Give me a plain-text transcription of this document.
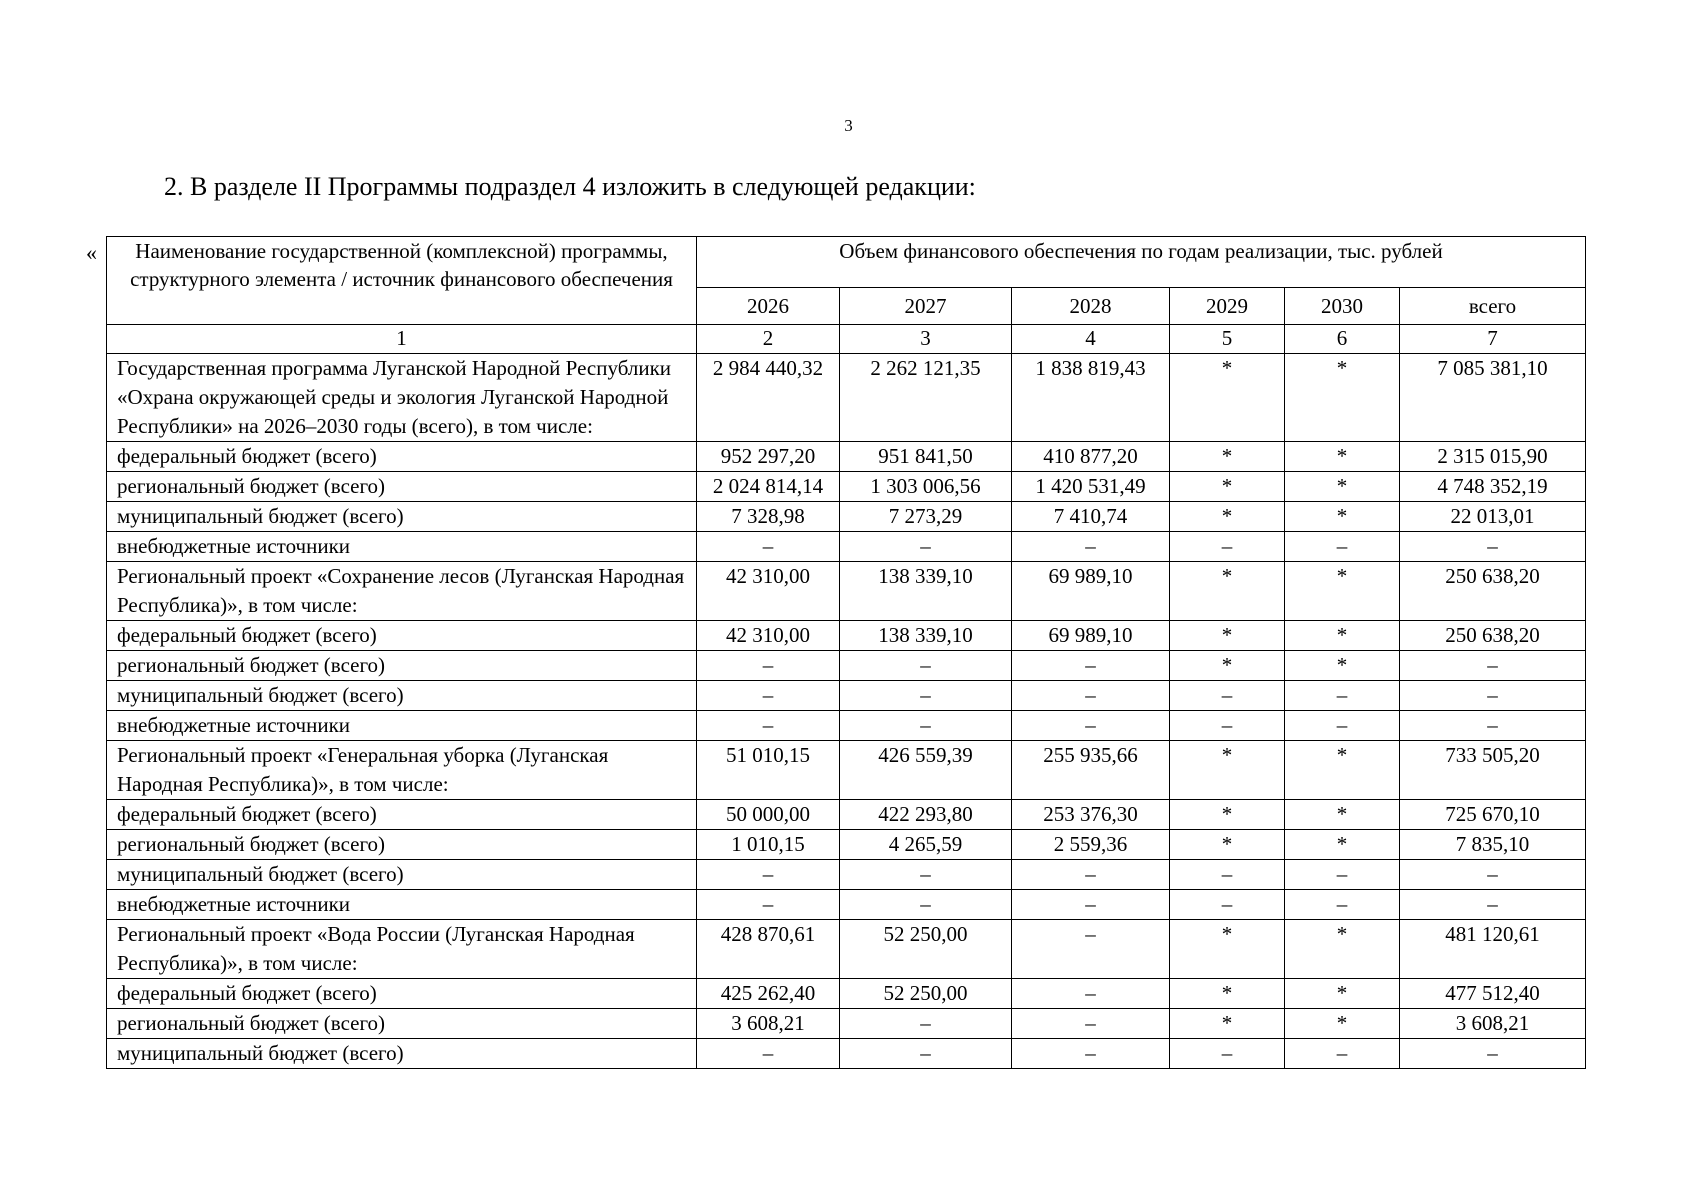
3
2. В разделе II Программы подраздел 4 изложить в следующей редакции:
« Наименование государственной (комплексной) программы, структурного элемента / источник финансового обеспечения	Объем финансового обеспечения по годам реализации, тыс. рублей					
	2026	2027	2028	2029	2030	всего
1	2	3	4	5	6	7
Государственная программа Луганской Народной Республики «Охрана окружающей среды и экология Луганской Народной Республики» на 2026–2030 годы (всего), в том числе:	2 984 440,32	2 262 121,35	1 838 819,43	*	*	7 085 381,10
федеральный бюджет (всего)	952 297,20	951 841,50	410 877,20	*	*	2 315 015,90
региональный бюджет (всего)	2 024 814,14	1 303 006,56	1 420 531,49	*	*	4 748 352,19
муниципальный бюджет (всего)	7 328,98	7 273,29	7 410,74	*	*	22 013,01
внебюджетные источники	–	–	–	–	–	–
Региональный проект «Сохранение лесов (Луганская Народная Республика)», в том числе:	42 310,00	138 339,10	69 989,10	*	*	250 638,20
федеральный бюджет (всего)	42 310,00	138 339,10	69 989,10	*	*	250 638,20
региональный бюджет (всего)	–	–	–	*	*	–
муниципальный бюджет (всего)	–	–	–	–	–	–
внебюджетные источники	–	–	–	–	–	–
Региональный проект «Генеральная уборка (Луганская Народная Республика)», в том числе:	51 010,15	426 559,39	255 935,66	*	*	733 505,20
федеральный бюджет (всего)	50 000,00	422 293,80	253 376,30	*	*	725 670,10
региональный бюджет (всего)	1 010,15	4 265,59	2 559,36	*	*	7 835,10
муниципальный бюджет (всего)	–	–	–	–	–	–
внебюджетные источники	–	–	–	–	–	–
Региональный проект «Вода России (Луганская Народная Республика)», в том числе:	428 870,61	52 250,00	–	*	*	481 120,61
федеральный бюджет (всего)	425 262,40	52 250,00	–	*	*	477 512,40
региональный бюджет (всего)	3 608,21	–	–	*	*	3 608,21
муниципальный бюджет (всего)	–	–	–	–	–	–
